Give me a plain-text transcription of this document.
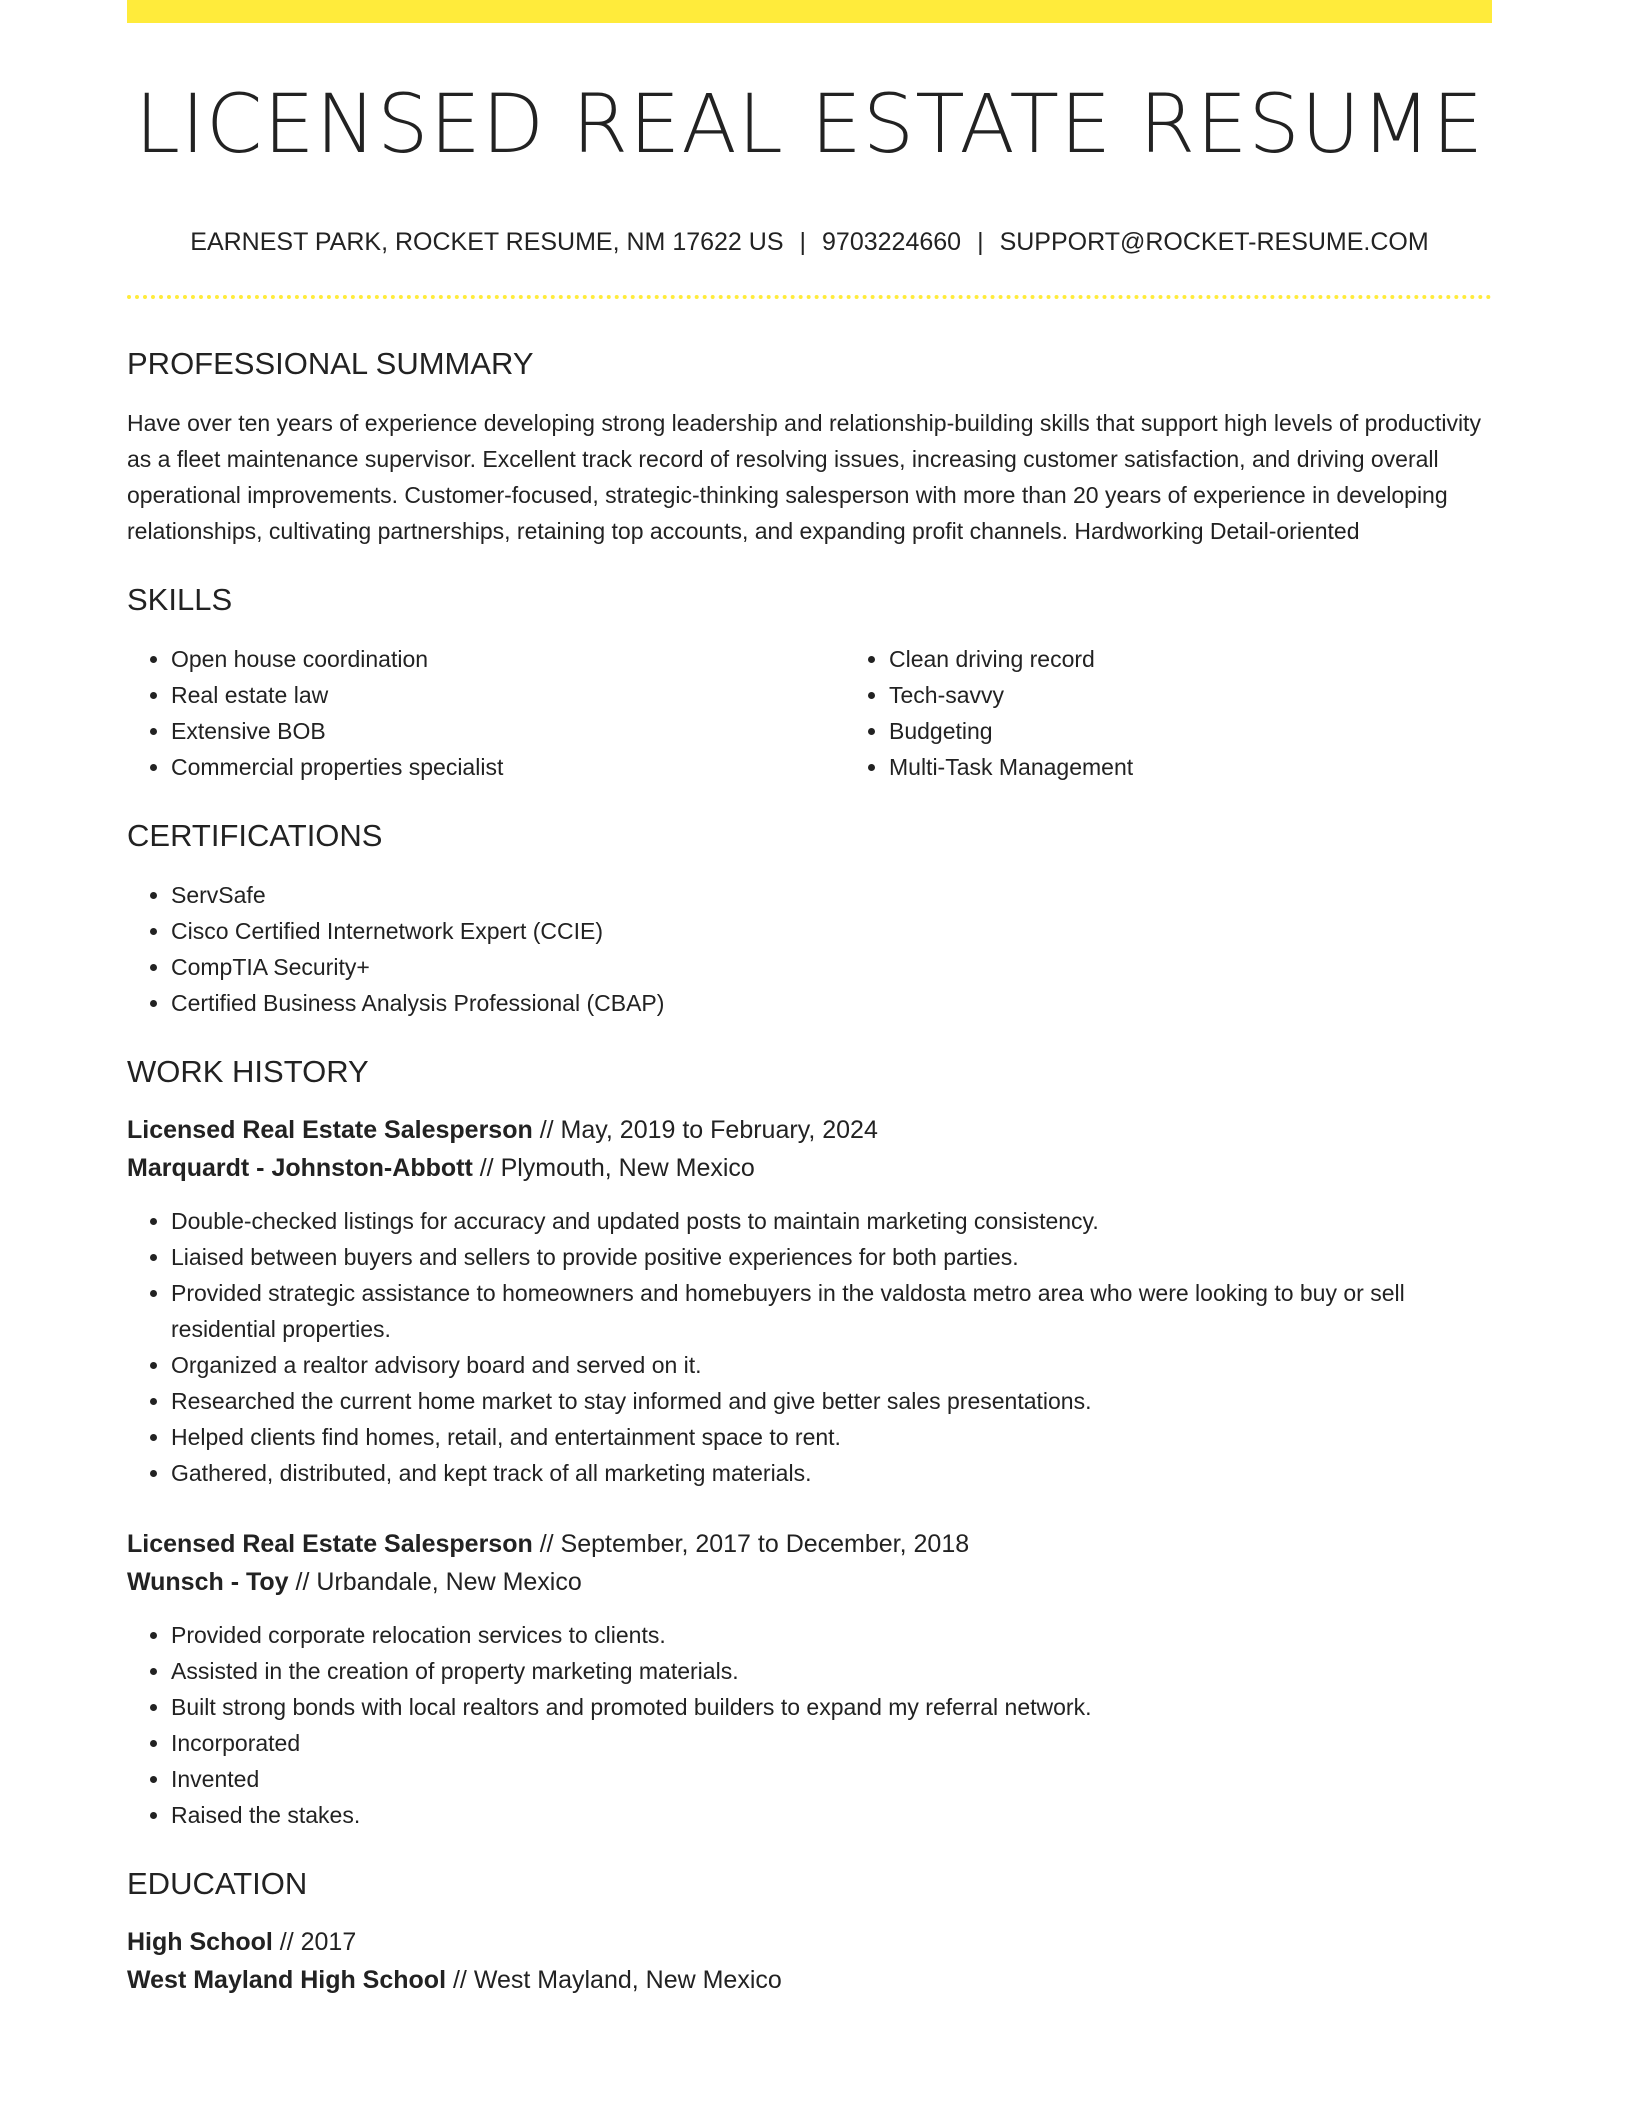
LICENSED REAL ESTATE RESUME
EARNEST PARK, ROCKET RESUME, NM 17622 US | 9703224660 | SUPPORT@ROCKET-RESUME.COM
PROFESSIONAL SUMMARY

Have over ten years of experience developing strong leadership and relationship-building skills that support high levels of productivity as a fleet maintenance supervisor. Excellent track record of resolving issues, increasing customer satisfaction, and driving overall operational improvements. Customer-focused, strategic-thinking salesperson with more than 20 years of experience in developing relationships, cultivating partnerships, retaining top accounts, and expanding profit channels. Hardworking Detail-oriented

SKILLS
• Open house coordination
• Real estate law
• Extensive BOB
• Commercial properties specialist
• Clean driving record
• Tech-savvy
• Budgeting
• Multi-Task Management
CERTIFICATIONS
• ServSafe
• Cisco Certified Internetwork Expert (CCIE)
• CompTIA Security+
• Certified Business Analysis Professional (CBAP)
WORK HISTORY

Licensed Real Estate Salesperson // May, 2019 to February, 2024

Marquardt - Johnston-Abbott // Plymouth, New Mexico

• Double-checked listings for accuracy and updated posts to maintain marketing consistency.
• Liaised between buyers and sellers to provide positive experiences for both parties.
• Provided strategic assistance to homeowners and homebuyers in the valdosta metro area who were looking to buy or sell residential properties.
• Organized a realtor advisory board and served on it.
• Researched the current home market to stay informed and give better sales presentations.
• Helped clients find homes, retail, and entertainment space to rent.
• Gathered, distributed, and kept track of all marketing materials.

Licensed Real Estate Salesperson // September, 2017 to December, 2018

Wunsch - Toy // Urbandale, New Mexico

• Provided corporate relocation services to clients.
• Assisted in the creation of property marketing materials.
• Built strong bonds with local realtors and promoted builders to expand my referral network.
• Incorporated
• Invented
• Raised the stakes.
EDUCATION

High School // 2017

West Mayland High School // West Mayland, New Mexico
